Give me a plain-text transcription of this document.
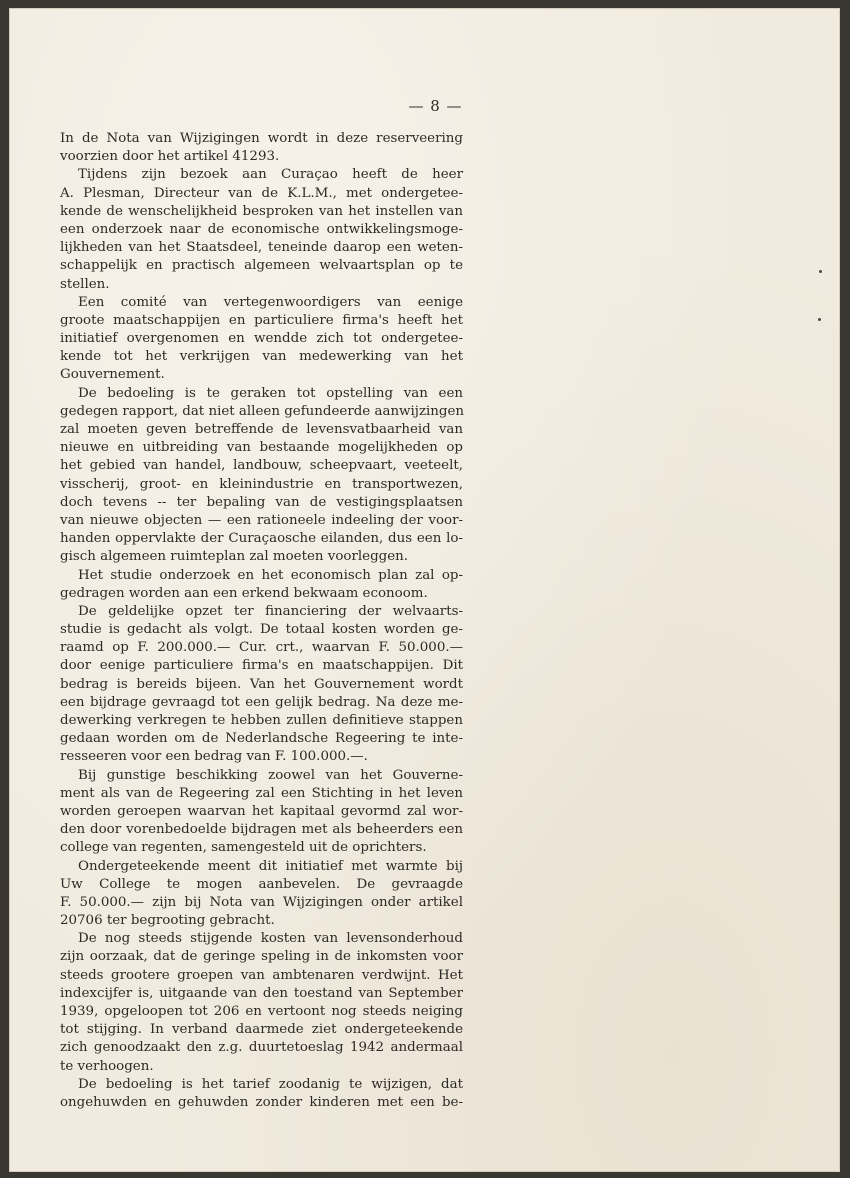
— 8 —
In de Nota van Wijzigingen wordt in deze reserveering
voorzien door het artikel 41293.
Tijdens zijn bezoek aan Curaçao heeft de heer
A. Plesman, Directeur van de K.L.M., met ondergetee-
kende de wenschelijkheid besproken van het instellen van
een onderzoek naar de economische ontwikkelingsmoge-
lijkheden van het Staatsdeel, teneinde daarop een weten-
schappelijk en practisch algemeen welvaartsplan op te
stellen.
Een comité van vertegenwoordigers van eenige
groote maatschappijen en particuliere firma's heeft het
initiatief overgenomen en wendde zich tot ondergetee-
kende tot het verkrijgen van medewerking van het
Gouvernement.
De bedoeling is te geraken tot opstelling van een
gedegen rapport, dat niet alleen gefundeerde aanwijzingen
zal moeten geven betreffende de levensvatbaarheid van
nieuwe en uitbreiding van bestaande mogelijkheden op
het gebied van handel, landbouw, scheepvaart, veeteelt,
visscherij, groot- en kleinindustrie en transportwezen,
doch tevens -- ter bepaling van de vestigingsplaatsen
van nieuwe objecten — een rationeele indeeling der voor-
handen oppervlakte der Curaçaosche eilanden, dus een lo-
gisch algemeen ruimteplan zal moeten voorleggen.
Het studie onderzoek en het economisch plan zal op-
gedragen worden aan een erkend bekwaam econoom.
De geldelijke opzet ter financiering der welvaarts-
studie is gedacht als volgt. De totaal kosten worden ge-
raamd op F. 200.000.— Cur. crt., waarvan F. 50.000.—
door eenige particuliere firma's en maatschappijen. Dit
bedrag is bereids bijeen. Van het Gouvernement wordt
een bijdrage gevraagd tot een gelijk bedrag. Na deze me-
dewerking verkregen te hebben zullen definitieve stappen
gedaan worden om de Nederlandsche Regeering te inte-
resseeren voor een bedrag van F. 100.000.—.
Bij gunstige beschikking zoowel van het Gouverne-
ment als van de Regeering zal een Stichting in het leven
worden geroepen waarvan het kapitaal gevormd zal wor-
den door vorenbedoelde bijdragen met als beheerders een
college van regenten, samengesteld uit de oprichters.
Ondergeteekende meent dit initiatief met warmte bij
Uw College te mogen aanbevelen. De gevraagde
F. 50.000.— zijn bij Nota van Wijzigingen onder artikel
20706 ter begrooting gebracht.
De nog steeds stijgende kosten van levensonderhoud
zijn oorzaak, dat de geringe speling in de inkomsten voor
steeds grootere groepen van ambtenaren verdwijnt. Het
indexcijfer is, uitgaande van den toestand van September
1939, opgeloopen tot 206 en vertoont nog steeds neiging
tot stijging. In verband daarmede ziet ondergeteekende
zich genoodzaakt den z.g. duurtetoeslag 1942 andermaal
te verhoogen.
De bedoeling is het tarief zoodanig te wijzigen, dat
ongehuwden en gehuwden zonder kinderen met een be-
